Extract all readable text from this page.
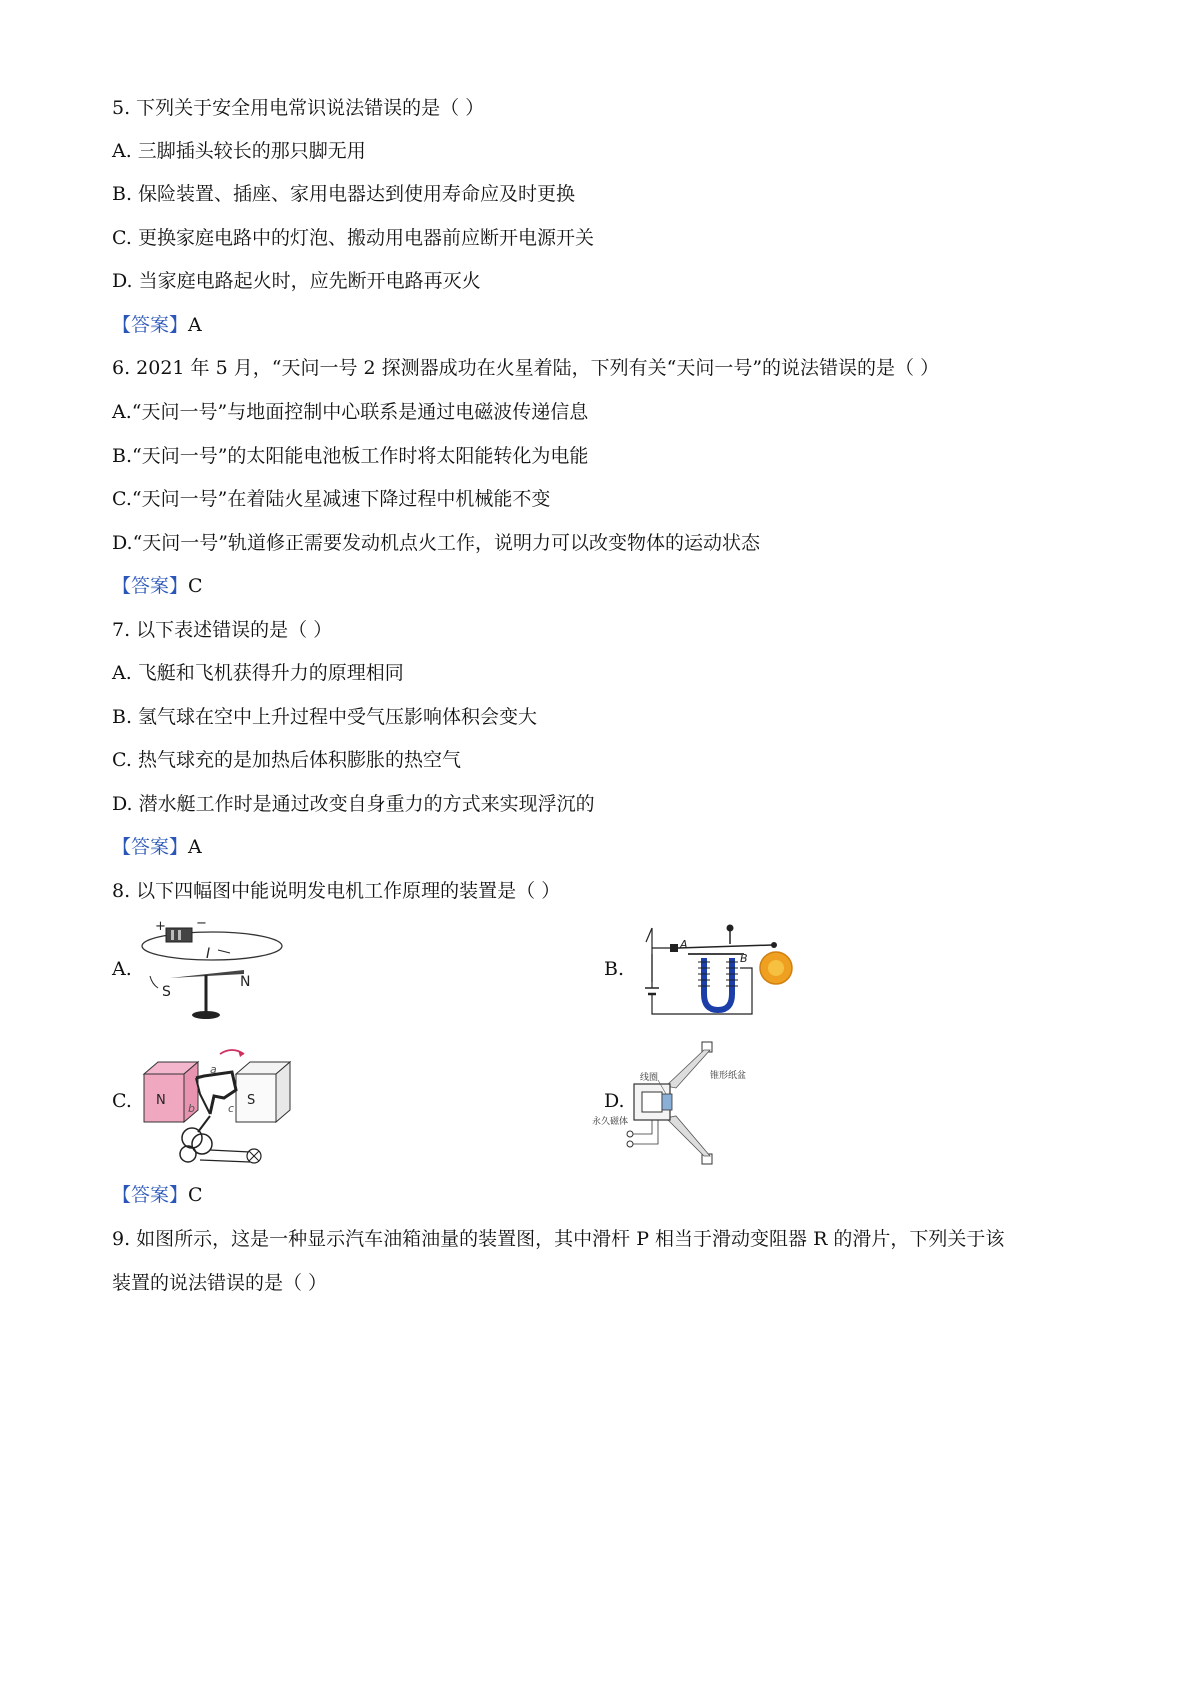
5. 下列关于安全用电常识说法错误的是（ ）
A. 三脚插头较长的那只脚无用
B. 保险装置、插座、家用电器达到使用寿命应及时更换
C. 更换家庭电路中的灯泡、搬动用电器前应断开电源开关
D. 当家庭电路起火时，应先断开电路再灭火
【答案】A
6. 2021 年 5 月，“天问一号 2 探测器成功在火星着陆，下列有关“天问一号”的说法错误的是（ ）
A.“天问一号”与地面控制中心联系是通过电磁波传递信息
B.“天问一号”的太阳能电池板工作时将太阳能转化为电能
C.“天问一号”在着陆火星减速下降过程中机械能不变
D.“天问一号”轨道修正需要发动机点火工作，说明力可以改变物体的运动状态
【答案】C
7. 以下表述错误的是（ ）
A. 飞艇和飞机获得升力的原理相同
B. 氢气球在空中上升过程中受气压影响体积会变大
C. 热气球充的是加热后体积膨胀的热空气
D. 潜水艇工作时是通过改变自身重力的方式来实现浮沉的
【答案】A
8. 以下四幅图中能说明发电机工作原理的装置是（ ）
A.	B.
C.	D.
+ −
I
S
N
A
B
N	S
a
b	c
线圈	锥形纸盆
永久磁体
【答案】C
9. 如图所示，这是一种显示汽车油箱油量的装置图，其中滑杆 P 相当于滑动变阻器 R 的滑片，下列关于该
装置的说法错误的是（ ）
